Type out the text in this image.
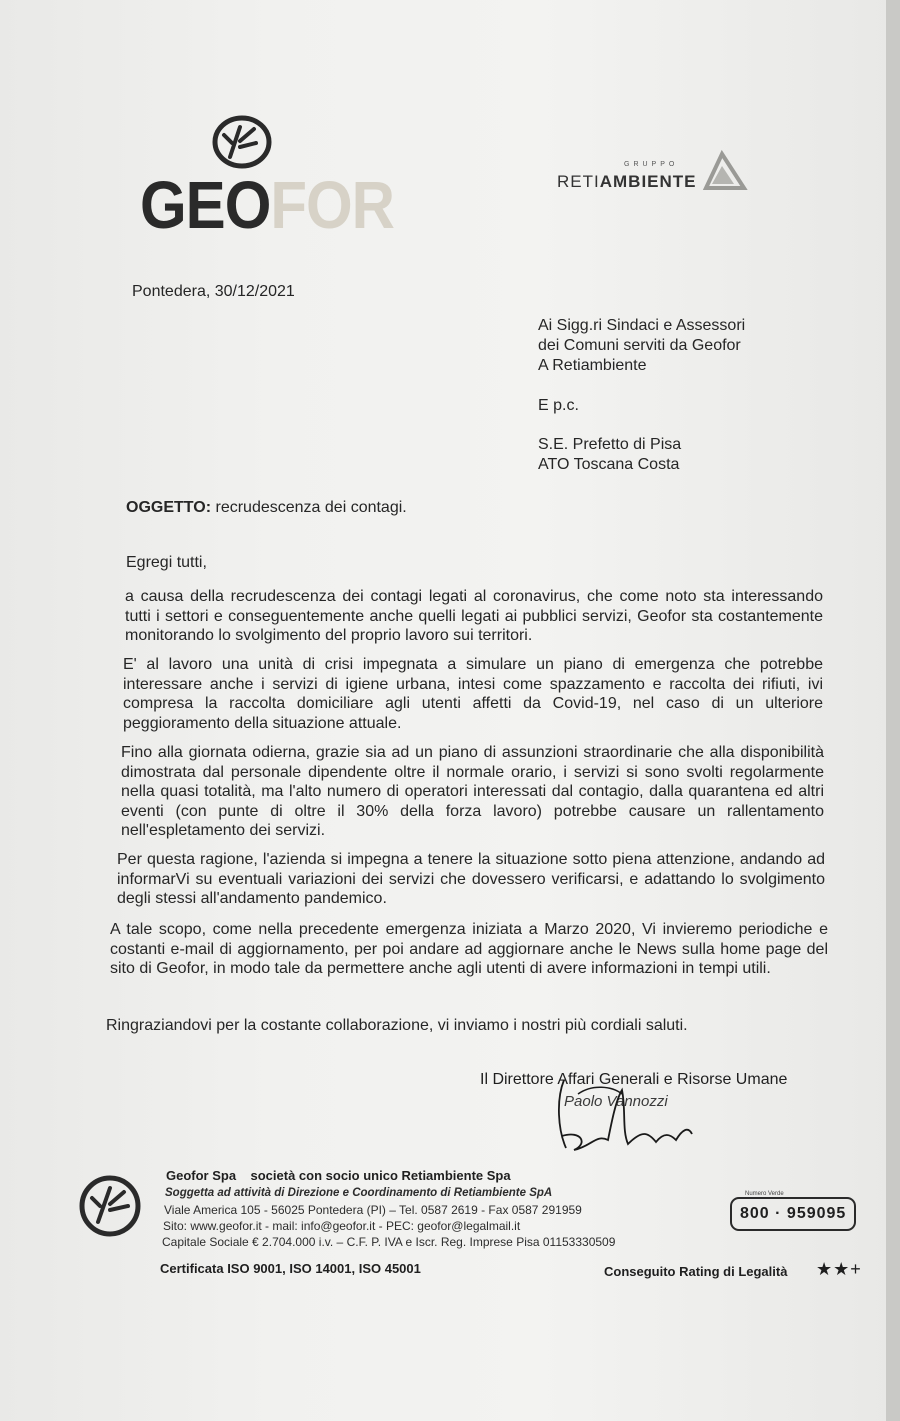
GEOFOR
GRUPPO
RETIAMBIENTE
Pontedera, 30/12/2021
Ai Sigg.ri Sindaci e Assessori
dei Comuni serviti da Geofor
A Retiambiente
E p.c.
S.E. Prefetto di Pisa
ATO Toscana Costa
OGGETTO: recrudescenza dei contagi.
Egregi tutti,
a causa della recrudescenza dei contagi legati al coronavirus, che come noto sta interessando tutti i settori e conseguentemente anche quelli legati ai pubblici servizi, Geofor sta costantemente monitorando lo svolgimento del proprio lavoro sui territori.
E' al lavoro una unità di crisi impegnata a simulare un piano di emergenza che potrebbe interessare anche i servizi di igiene urbana, intesi come spazzamento e raccolta dei rifiuti, ivi compresa la raccolta domiciliare agli utenti affetti da Covid-19, nel caso di un ulteriore peggioramento della situazione attuale.
Fino alla giornata odierna, grazie sia ad un piano di assunzioni straordinarie che alla disponibilità dimostrata dal personale dipendente oltre il normale orario, i servizi si sono svolti regolarmente nella quasi totalità, ma l'alto numero di operatori interessati dal contagio, dalla quarantena ed altri eventi (con punte di oltre il 30% della forza lavoro) potrebbe causare un rallentamento nell'espletamento dei servizi.
Per questa ragione, l'azienda si impegna a tenere la situazione sotto piena attenzione, andando ad informarVi su eventuali variazioni dei servizi che dovessero verificarsi, e adattando lo svolgimento degli stessi all'andamento pandemico.
A tale scopo, come nella precedente emergenza iniziata a Marzo 2020, Vi invieremo periodiche e costanti e-mail di aggiornamento, per poi andare ad aggiornare anche le News sulla home page del sito di Geofor, in modo tale da permettere anche agli utenti di avere informazioni in tempi utili.
Ringraziandovi per la costante collaborazione, vi inviamo i nostri più cordiali saluti.
Il Direttore Affari Generali e Risorse Umane
Paolo Vannozzi
Geofor Spa    società con socio unico Retiambiente Spa
Soggetta ad attività di Direzione e Coordinamento di Retiambiente SpA
Viale America 105 - 56025 Pontedera (PI) – Tel. 0587 2619 - Fax 0587 291959
Sito: www.geofor.it - mail: info@geofor.it - PEC: geofor@legalmail.it
Capitale Sociale € 2.704.000 i.v. – C.F. P. IVA e Iscr. Reg. Imprese Pisa 01153330509
Numero Verde
800 · 959095
Certificata ISO 9001, ISO 14001, ISO 45001	Conseguito Rating di Legalità ★★+
